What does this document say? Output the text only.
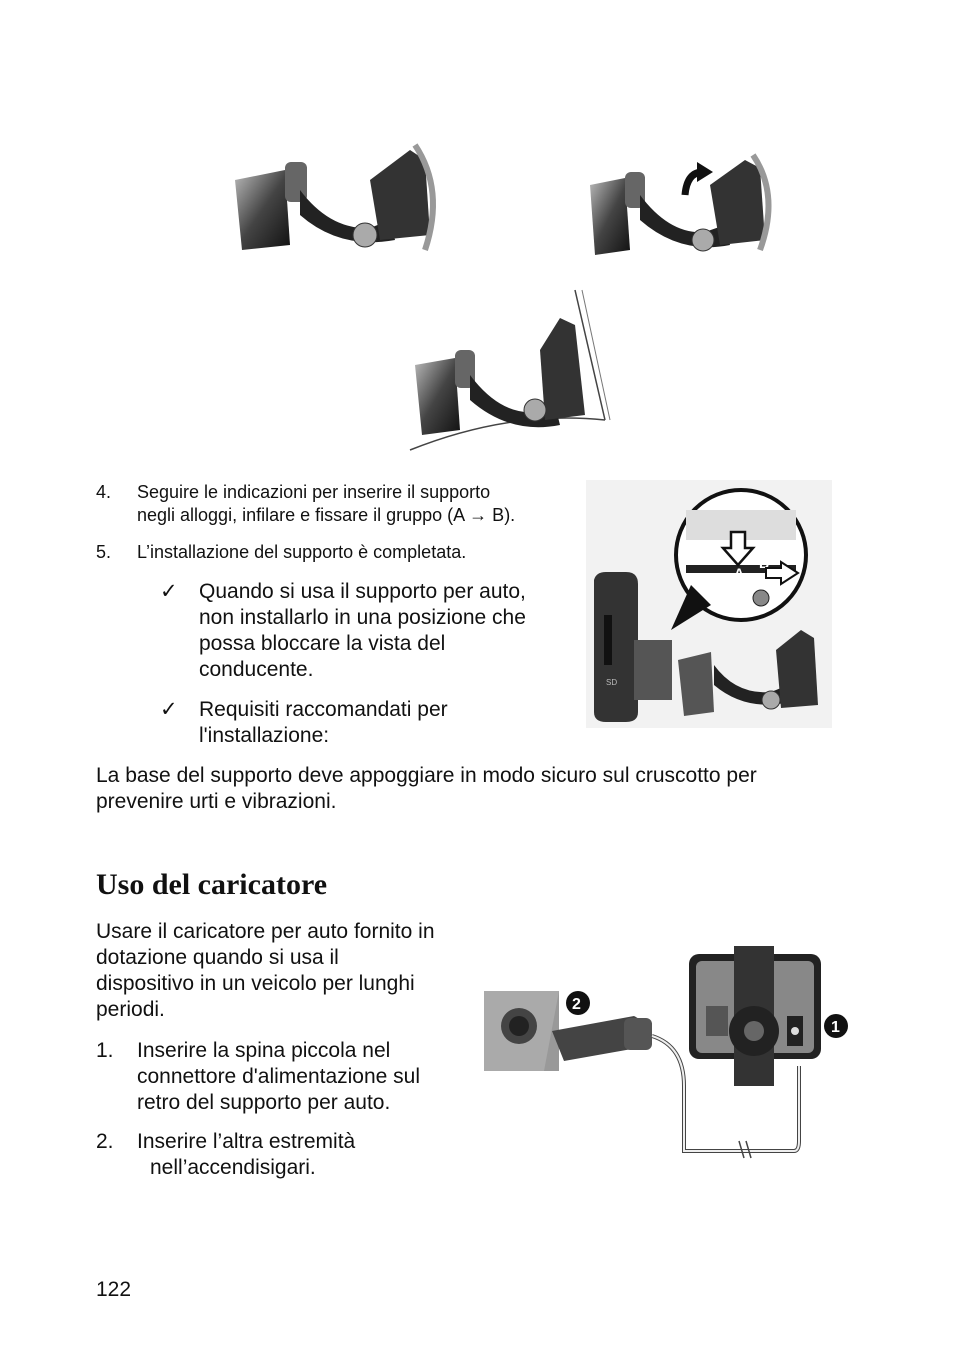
4. Seguire le indicazioni per inserire il supporto
negli alloggi, infilare e fissare il gruppo (A → B).
5. L’installazione del supporto è completata.
✓ Quando si usa il supporto per auto,
non installarlo in una posizione che
possa bloccare la vista del
conducente.
✓ Requisiti raccomandati per
l'installazione:
A
B
SD
La base del supporto deve appoggiare in modo sicuro sul cruscotto per
prevenire urti e vibrazioni.
Uso del caricatore
Usare il caricatore per auto fornito in
dotazione quando si usa il
dispositivo in un veicolo per lunghi
periodi.
1. Inserire la spina piccola nel
connettore d'alimentazione sul
retro del supporto per auto.
2. Inserire l’altra estremità
nell’accendisigari.
2
1
122
